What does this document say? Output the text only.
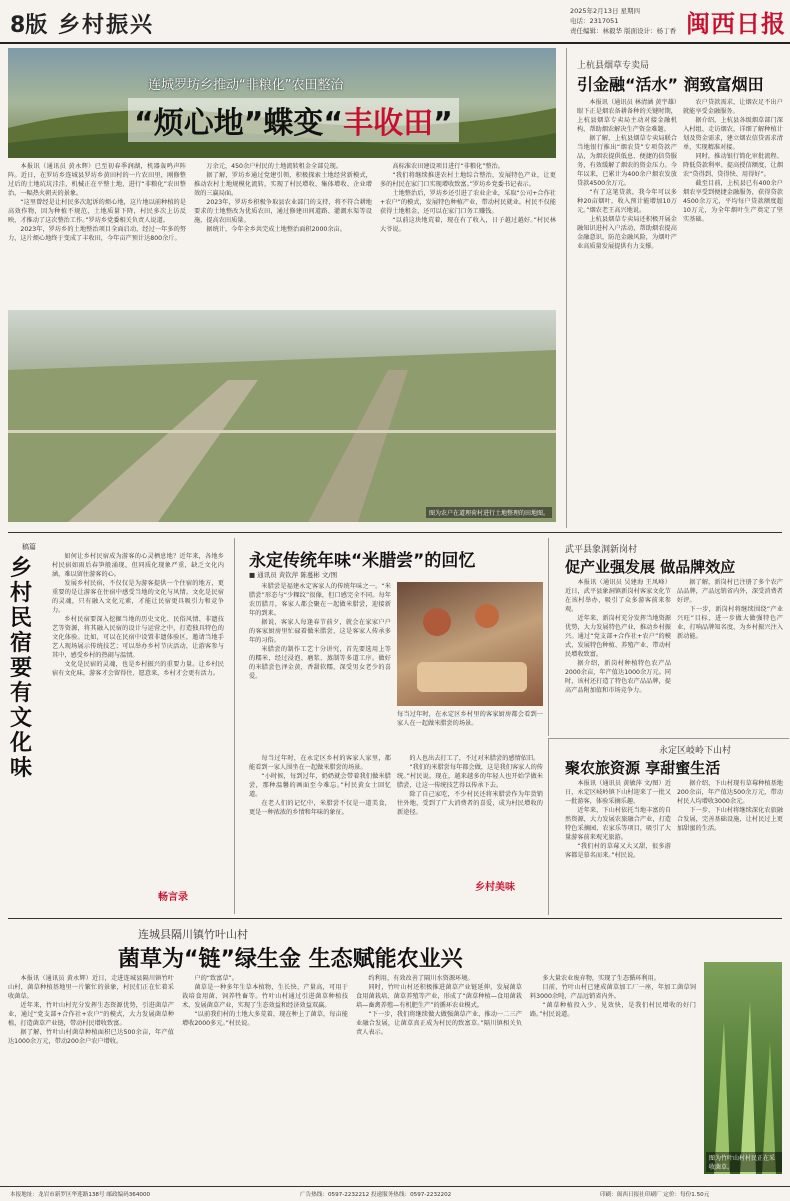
8版 乡村振兴
2025年2月13日 星期四
电话：2317051
责任编辑：林毅华 版面设计：杨丁香 闽西日报
连城罗坊乡推动“非粮化”农田整治
“烦心地”蝶变“丰收田”

本报讯（通讯员 黄永辉）已至初春季润湖，机器轰鸣声阵阵。近日，在罗坊乡连城县罗坊乡黄田村的一片农田里，刚修整过后的土地坑坑洼洼，机械正在平整土地，进行“非粮化”农田整治，一幅热火朝天的景象。

“这里曾经是让村民多次起诉的烦心地，这片地以前种植的是高效作物，因为种植不规范，土地质量下降，村民多次上访反映，才推动了这次整治工作。”罗坊乡党委相关负责人说道。

2023年，罗坊乡的土地整治项目全面启动，经过一年多的努力，这片烦心地终于变成了丰收田，今年亩产预计达800余斤。

万余元，450余户村民的土地流转租金全部兑现。

据了解，罗坊乡通过党建引领，积极探索土地经营新模式，推动农村土地规模化流转，实现了村民增收、集体增收、企业增效的三赢局面。

2023年，罗坊乡积极争取县农业部门的支持，将不符合耕地要求的土地整改为优质农田，通过修建田间道路、灌溉水渠等设施，提高农田质量。

据统计，今年全乡共完成土地整治面积2000余亩。

高标准农田建设项目进行“非粮化”整治。

“我们将继续推进农村土地综合整治，发展特色产业，让更多的村民在家门口实现增收致富。”罗坊乡党委书记表示。

土地整治后，罗坊乡还引进了农业企业，采取“公司+合作社+农户”的模式，发展特色种植产业，带动村民就业。村民不仅能获得土地租金，还可以在家门口务工赚钱。

“以前这块地荒着，现在有了收入，日子越过越好。”村民林大爷说。

图为农户在道理荷村进行土地整理的田地图。
上杭县烟草专卖局
引金融“活水” 润致富烟田

本报讯（通讯员 林清涵 黄宇雄）眼下正是烟农备耕备种的关键时期，上杭县烟草专卖局主动对接金融机构，帮助烟农解决生产资金难题。

据了解，上杭县烟草专卖局联合当地银行推出“烟农贷”专项贷款产品，为烟农提供低息、便捷的信贷服务，有效缓解了烟农的资金压力。今年以来，已累计为400余户烟农发放贷款4500余万元。

“有了这笔贷款，我今年可以多种20亩烟叶，收入预计能增加10万元。”烟农老王高兴地说。

上杭县烟草专卖局还积极开展金融知识进村入户活动，帮助烟农提高金融意识，防范金融风险，为烟叶产业高质量发展提供有力支撑。

农户贷款需求，让烟农足不出户就能享受金融服务。

据介绍，上杭县各级烟草部门深入村组、走访烟农，详细了解种植计划及资金需求，建立烟农信贷需求清单，实现精准对接。

同时，推动银行简化审批流程、降低贷款利率、提高授信额度，让烟农“贷得到、贷得快、用得好”。

截至目前，上杭县已有400余户烟农享受到便捷金融服务，获得贷款4500余万元，平均每户贷款额度超10万元，为全年烟叶生产奠定了坚实基础。

稿篇
乡村民宿要有文化味

如何让乡村民宿成为游客的心灵栖息地？近年来，各地乡村民宿如雨后春笋般涌现，但同质化现象严重，缺乏文化内涵，难以留住游客的心。

发展乡村民宿，不仅仅是为游客提供一个住宿的地方，更重要的是让游客在住宿中感受当地的文化与风情。文化是民宿的灵魂，只有融入文化元素，才能让民宿更具吸引力和竞争力。

乡村民宿要深入挖掘当地的历史文化、民俗风情、非遗技艺等资源，将其融入民宿的设计与运营之中，打造独具特色的文化体验。比如，可以在民宿中设置非遗体验区，邀请当地手艺人现场展示传统技艺；可以举办乡村节庆活动，让游客参与其中，感受乡村的热闹与温情。

文化是民宿的灵魂，也是乡村振兴的重要力量。让乡村民宿有文化味，游客才会留得住、愿意来，乡村才会更有活力。

畅言录
永定传统年味“米腊尝”的回忆
■ 通讯员 黄钦萍 陈蔓彬 文/图

米腊尝是福建永定客家人的传统年味之一。“米腊尝”形态与“少粿纹”很像，但口感完全不同。每年农历腊月，客家人都会聚在一起做米腊尝，迎接新年的到来。

据说，客家人每逢春节前夕，就会在家家户户的客家厨房里忙碌着做米腊尝，这是客家人传承多年的习俗。

米腊尝的制作工艺十分讲究，首先要选用上等的糯米，经过浸泡、磨浆、蒸制等多道工序。做好的米腊尝色泽金黄，香甜软糯，深受男女老少的喜爱。

每当过年时，在永定区乡村里的客家厨房都会看到一家人在一起做米腊尝的场景。

每当过年时，在永定区乡村的客家人家里，都能看到一家人围坐在一起做米腊尝的场景。

“小时候，每到过年，奶奶就会带着我们做米腊尝，那种温馨的画面至今难忘。”村民黄女士回忆道。

在老人们的记忆中，米腊尝不仅是一道美食，更是一种浓浓的乡情和年味的象征。

的人也出去打工了，不过对米腊尝的感情依旧。

“我们的米腊尝每年都会做，这是我们客家人的传统。”村民说。现在，越来越多的年轻人也开始学做米腊尝，让这一传统技艺得以传承下去。

除了自己家吃，不少村民还将米腊尝作为年货销往外地，受到了广大消费者的喜爱，成为村民增收的新途径。

乡村美味
武平县象洞新岗村
促产业强发展 做品牌效应

本报讯（通讯员 吴建海 王凤峰）近日，武平县象洞镇新岗村客家文化节在该村举办，吸引了众多游客前来参观。

近年来，新岗村充分发挥当地资源优势，大力发展特色产业，推动乡村振兴。通过“党支部+合作社+农户”的模式，发展特色种植、养殖产业，带动村民增收致富。

据介绍，新岗村种植特色农产品2000余亩，年产值达1000余万元。同时，该村还打造了特色农产品品牌，提高产品附加值和市场竞争力。

据了解，新岗村已注册了多个农产品品牌，产品远销省内外，深受消费者好评。

下一步，新岗村将继续围绕“产业兴旺”目标，进一步做大做强特色产业，打响品牌知名度，为乡村振兴注入新动能。

永定区岐岭下山村
聚农旅资源 享甜蜜生活

本报讯（通讯员 黄敏萍 文/图）近日，永定区岐岭镇下山村迎来了一批又一批游客，体验采摘乐趣。

近年来，下山村依托当地丰富的自然资源，大力发展农旅融合产业，打造特色采摘园、农家乐等项目，吸引了大量游客前来观光旅游。

“我们村的草莓又大又甜，很多游客都是慕名而来。”村民说。

据介绍，下山村现有草莓种植基地200余亩，年产值达500余万元，带动村民人均增收3000余元。

下一步，下山村将继续深化农旅融合发展，完善基础设施，让村民过上更加甜蜜的生活。

连城县隔川镇竹叶山村
菌草为“链”绿生金 生态赋能农业兴

本报讯（通讯员 黄永辉）近日，走进连城县隔川镇竹叶山村，菌草种植基地里一片繁忙的景象，村民们正在忙着采收菌草。

近年来，竹叶山村充分发挥生态资源优势，引进菌草产业，通过“党支部+合作社+农户”的模式，大力发展菌草种植，打造菌草产业链，带动村民增收致富。

据了解，竹叶山村菌草种植面积已达500余亩，年产值达1000余万元，带动200余户农户增收。

户的“致富草”。

菌草是一种多年生草本植物，生长快、产量高，可用于栽培食用菌、饲养牲畜等。竹叶山村通过引进菌草种植技术，发展菌草产业，实现了生态效益和经济效益双赢。

“以前我们村的土地大多荒着，现在种上了菌草，每亩能增收2000多元。”村民说。

约利用，有效改善了隔川水资源环境。

同时，竹叶山村还积极推进菌草产业链延伸，发展菌草食用菌栽培、菌草养殖等产业，形成了“菌草种植—食用菌栽培—畜禽养殖—有机肥生产”的循环农业模式。

“下一步，我们将继续做大做强菌草产业，推动一二三产业融合发展，让菌草真正成为村民的致富草。”隔川镇相关负责人表示。

多大量农业废弃物，实现了生态循环利用。

目前，竹叶山村已建成菌草加工厂一座，年加工菌草饲料3000余吨，产品远销省内外。

“菌草种植投入少、见效快，是我们村民增收的好门路。”村民说道。

图为竹叶山村村民正在采收菌草。
本报地址：龙岩市新罗区华莲路138号 邮政编码364000	广告热线：0597-2232212 投递服务热线：0597-2232202	印刷：闽西日报社印刷厂 定价：每份1.50元
